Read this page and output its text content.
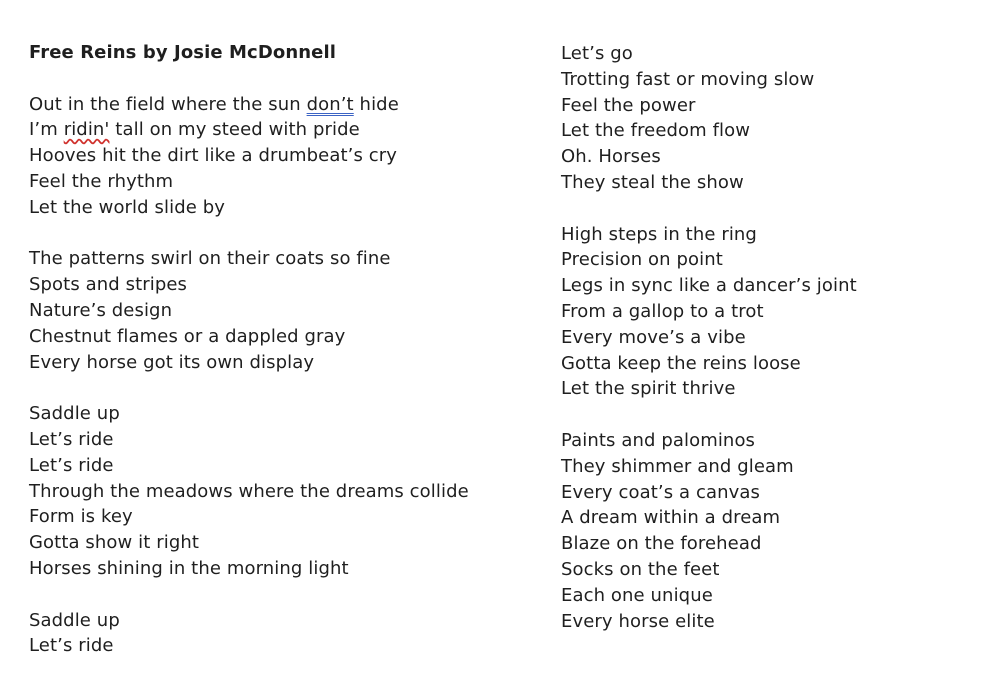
Free Reins by Josie McDonnell
Out in the field where the sun don’t hide
I’m ridin' tall on my steed with pride
Hooves hit the dirt like a drumbeat’s cry
Feel the rhythm
Let the world slide by
The patterns swirl on their coats so fine
Spots and stripes
Nature’s design
Chestnut flames or a dappled gray
Every horse got its own display
Saddle up
Let’s ride
Let’s ride
Through the meadows where the dreams collide
Form is key
Gotta show it right
Horses shining in the morning light
Saddle up
Let’s ride
Let’s go
Trotting fast or moving slow
Feel the power
Let the freedom flow
Oh. Horses
They steal the show
High steps in the ring
Precision on point
Legs in sync like a dancer’s joint
From a gallop to a trot
Every move’s a vibe
Gotta keep the reins loose
Let the spirit thrive
Paints and palominos
They shimmer and gleam
Every coat’s a canvas
A dream within a dream
Blaze on the forehead
Socks on the feet
Each one unique
Every horse elite
